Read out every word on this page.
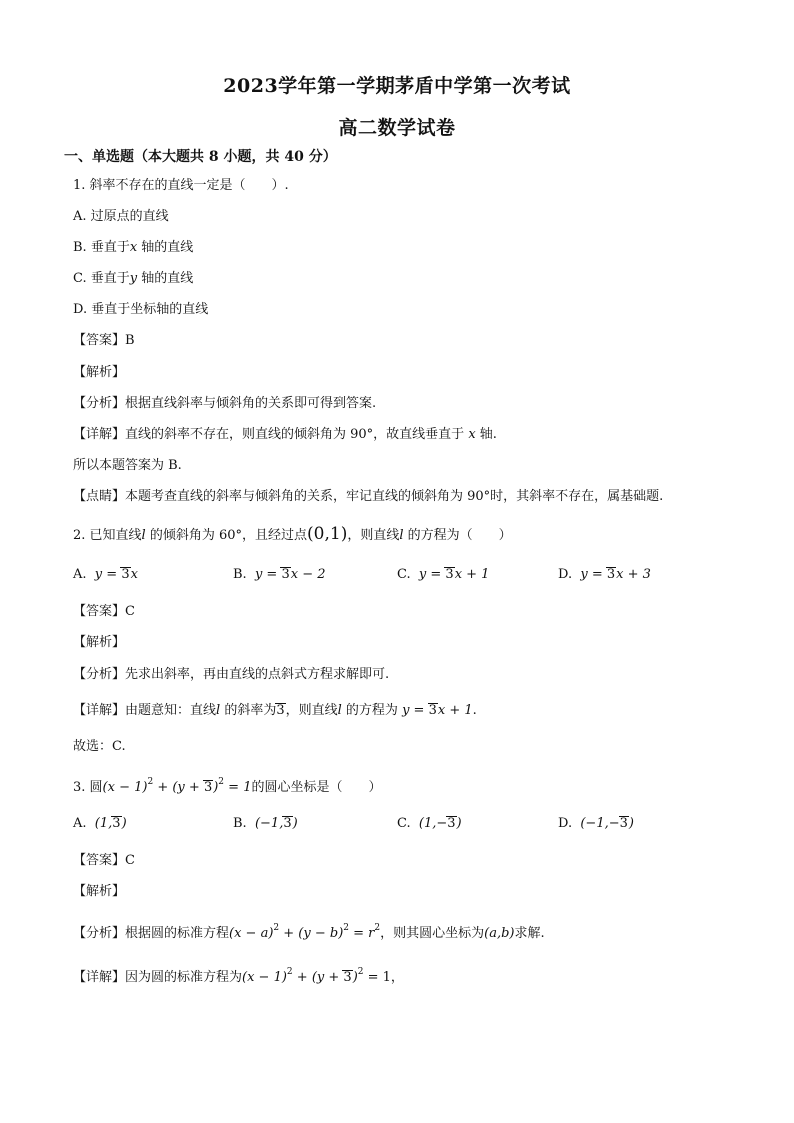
2023学年第一学期茅盾中学第一次考试
高二数学试卷
一、单选题（本大题共 8 小题，共 40 分）
1. 斜率不存在的直线一定是（　　）.
A. 过原点的直线
B. 垂直于x 轴的直线
C. 垂直于y 轴的直线
D. 垂直于坐标轴的直线
【答案】B
【解析】
【分析】根据直线斜率与倾斜角的关系即可得到答案.
【详解】直线的斜率不存在，则直线的倾斜角为 90°，故直线垂直于 x 轴.
所以本题答案为 B.
【点睛】本题考查直线的斜率与倾斜角的关系，牢记直线的倾斜角为 90°时，其斜率不存在，属基础题.
2. 已知直线l 的倾斜角为 60°，且经过点(0,1)，则直线l 的方程为（　　）
A. y = 3x	B. y = 3x − 2	C. y = 3x + 1	D. y = 3x + 3
【答案】C
【解析】
【分析】先求出斜率，再由直线的点斜式方程求解即可.
【详解】由题意知：直线l 的斜率为3，则直线l 的方程为 y = 3x + 1.
故选：C.
3. 圆$(x - 1)^2 + (y + 3)^2 = 1$的圆心坐标是（　　）
A. (1,3)	B. (−1,3)	C. (1,−3)	D. (−1,−3)
【答案】C
【解析】
【分析】根据圆的标准方程$(x - a)^2 + (y - b)^2 = r^2$，则其圆心坐标为(a,b)求解.
【详解】因为圆的标准方程为$(x - 1)^2 + (y + 3)^2 = 1$，
